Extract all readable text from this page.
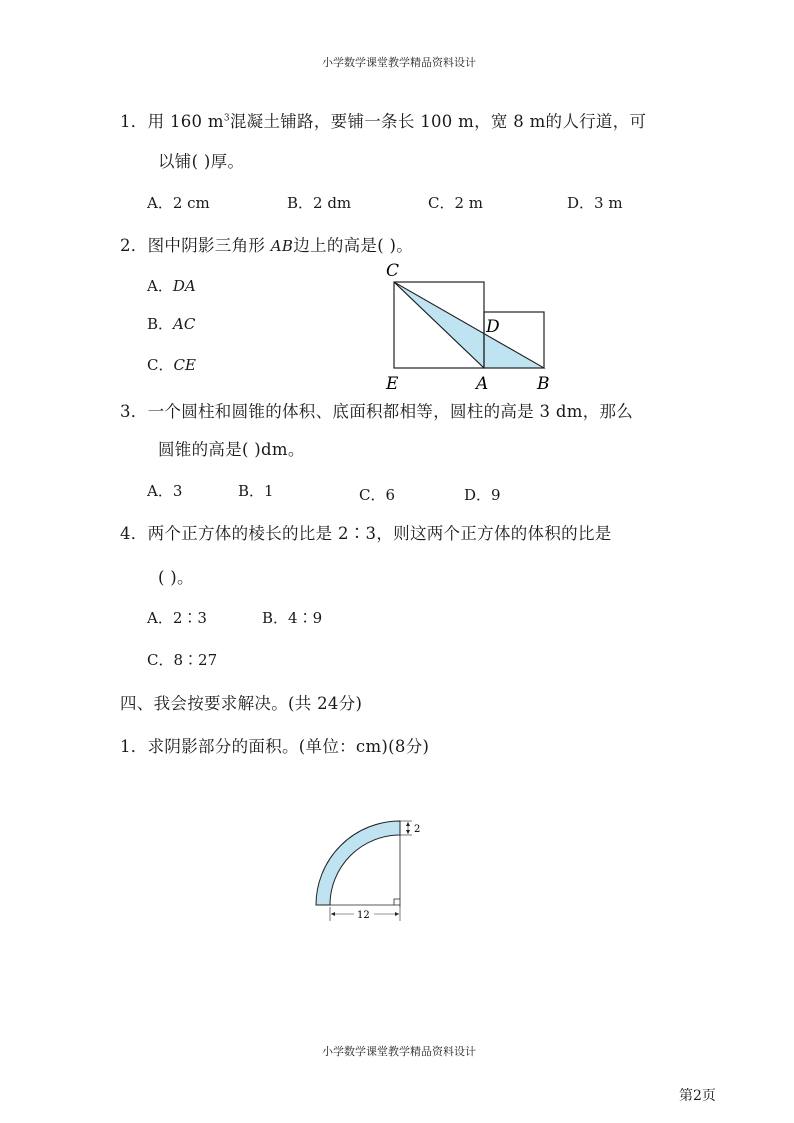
小学数学课堂教学精品资料设计
1．用 160 $m^3$混凝土铺路，要铺一条长 100 m，宽 8 m的人行道，可
以铺( )厚。
A．2 cm	B．2 dm	C．2 m	D．3 m
2．图中阴影三角形 AB边上的高是( )。
A．DA
B．AC
C．CE
C
D
E	A	B
3．一个圆柱和圆锥的体积、底面积都相等，圆柱的高是 3 dm，那么
圆锥的高是( )dm。
A．3	B．1	C．6	D．9
4．两个正方体的棱长的比是 2∶3，则这两个正方体的体积的比是
( )。
A．2∶3	B．4∶9
C．8∶27
四、我会按要求解决。(共 24分)
1．求阴影部分的面积。(单位：cm)(8分)
2
12
小学数学课堂教学精品资料设计
第2页
